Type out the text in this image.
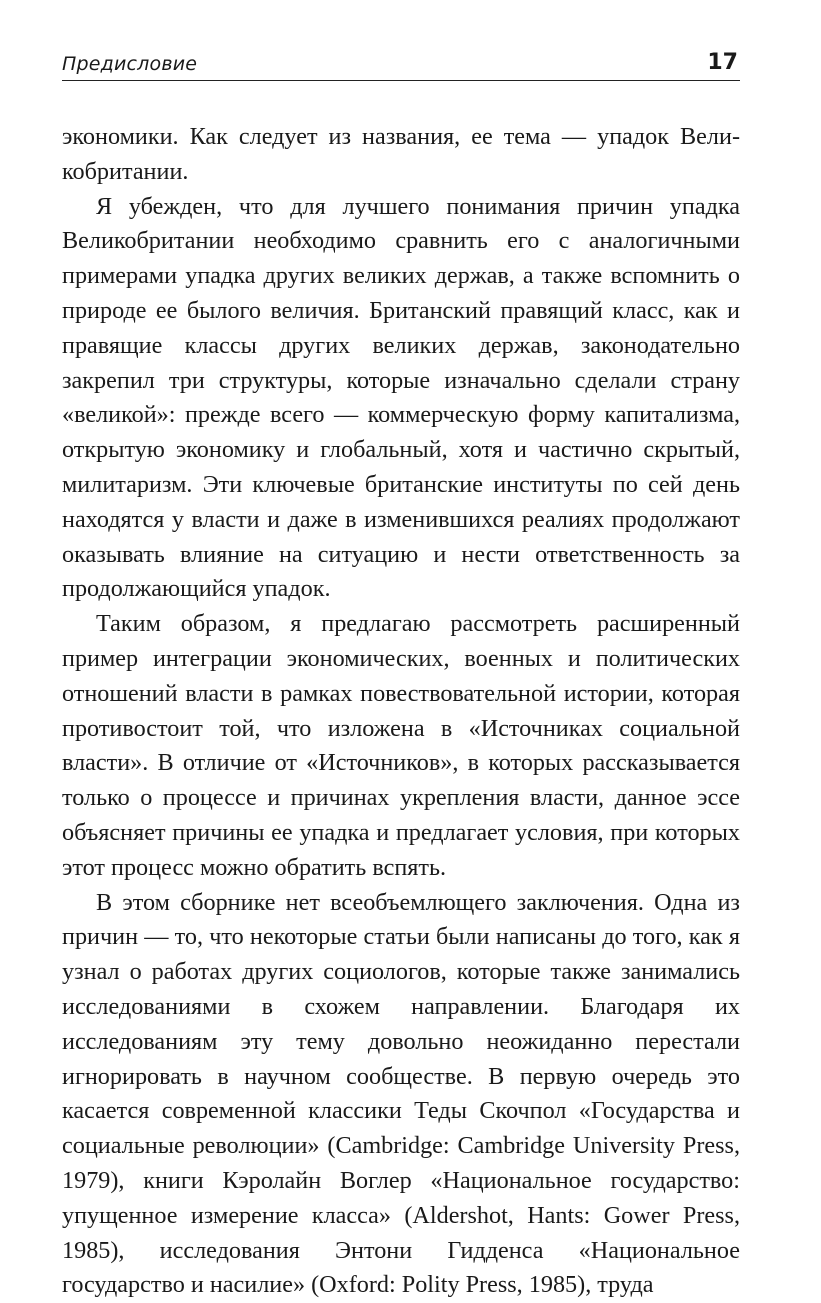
Предисловие	17

экономики. Как следует из названия, ее тема — упадок Великобритании.

Я убежден, что для лучшего понимания причин упадка Великобритании необходимо сравнить его с аналогичными примерами упадка других великих держав, а также вспомнить о природе ее былого величия. Британский правящий класс, как и правящие классы других великих держав, законодательно закрепил три структуры, которые изначально сделали страну «великой»: прежде всего — коммерческую форму капитализма, открытую экономику и глобальный, хотя и частично скрытый, милитаризм. Эти ключевые британские институты по сей день находятся у власти и даже в изменившихся реалиях продолжают оказывать влияние на ситуацию и нести ответственность за продолжающийся упадок.

Таким образом, я предлагаю рассмотреть расширенный пример интеграции экономических, военных и политических отношений власти в рамках повествовательной истории, которая противостоит той, что изложена в «Источниках социальной власти». В отличие от «Источников», в которых рассказывается только о процессе и причинах укрепления власти, данное эссе объясняет причины ее упадка и предлагает условия, при которых этот процесс можно обратить вспять.

В этом сборнике нет всеобъемлющего заключения. Одна из причин — то, что некоторые статьи были написаны до того, как я узнал о работах других социологов, которые также занимались исследованиями в схожем направлении. Благодаря их исследованиям эту тему довольно неожиданно перестали игнорировать в научном сообществе. В первую очередь это касается современной классики Теды Скочпол «Государства и социальные революции» (Cambridge: Cambridge University Press, 1979), книги Кэролайн Воглер «Национальное государство: упущенное измерение класса» (Aldershot, Hants: Gower Press, 1985), исследования Энтони Гидденса «Национальное государство и насилие» (Oxford: Polity Press, 1985), труда
